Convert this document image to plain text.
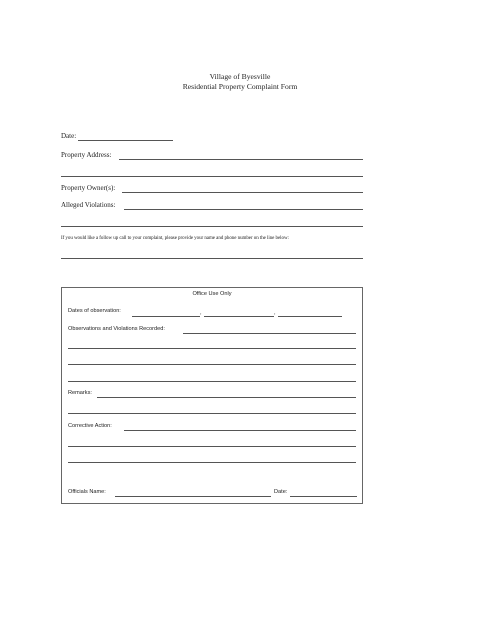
Village of Byesville
Residential Property Complaint Form
Date:
Property Address:
Property Owner(s):
Alleged Violations:
If you would like a follow up call to your complaint, please provide your name and phone number on the line below:
Office Use Only
Dates of observation:	,	,
Observations and Violations Recorded:
Remarks:
Corrective Action:
Officials Name:	Date:
